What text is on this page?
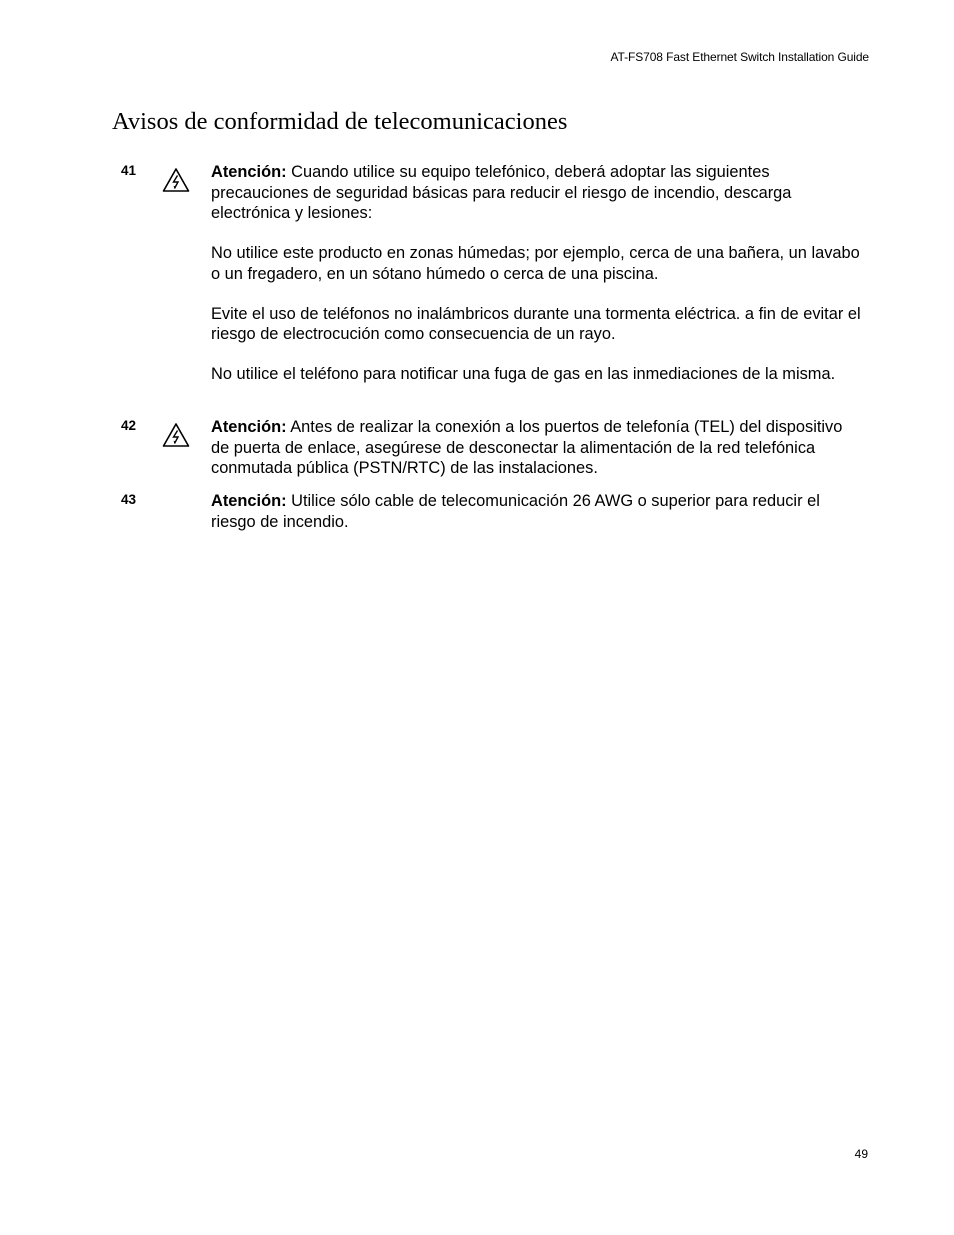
AT-FS708 Fast Ethernet Switch Installation Guide
Avisos de conformidad de telecomunicaciones
41	Atención: Cuando utilice su equipo telefónico, deberá adoptar las siguientes precauciones de seguridad básicas para reducir el riesgo de incendio, descarga electrónica y lesiones:

No utilice este producto en zonas húmedas; por ejemplo, cerca de una bañera, un lavabo o un fregadero, en un sótano húmedo o cerca de una piscina.

Evite el uso de teléfonos no inalámbricos durante una tormenta eléctrica. a fin de evitar el riesgo de electrocución como consecuencia de un rayo.

No utilice el teléfono para notificar una fuga de gas en las inmediaciones de la misma.

42	Atención: Antes de realizar la conexión a los puertos de telefonía (TEL) del dispositivo de puerta de enlace, asegúrese de desconectar la alimentación de la red telefónica conmutada pública (PSTN/RTC) de las instalaciones.

43	Atención: Utilice sólo cable de telecomunicación 26 AWG o superior para reducir el riesgo de incendio.

49
